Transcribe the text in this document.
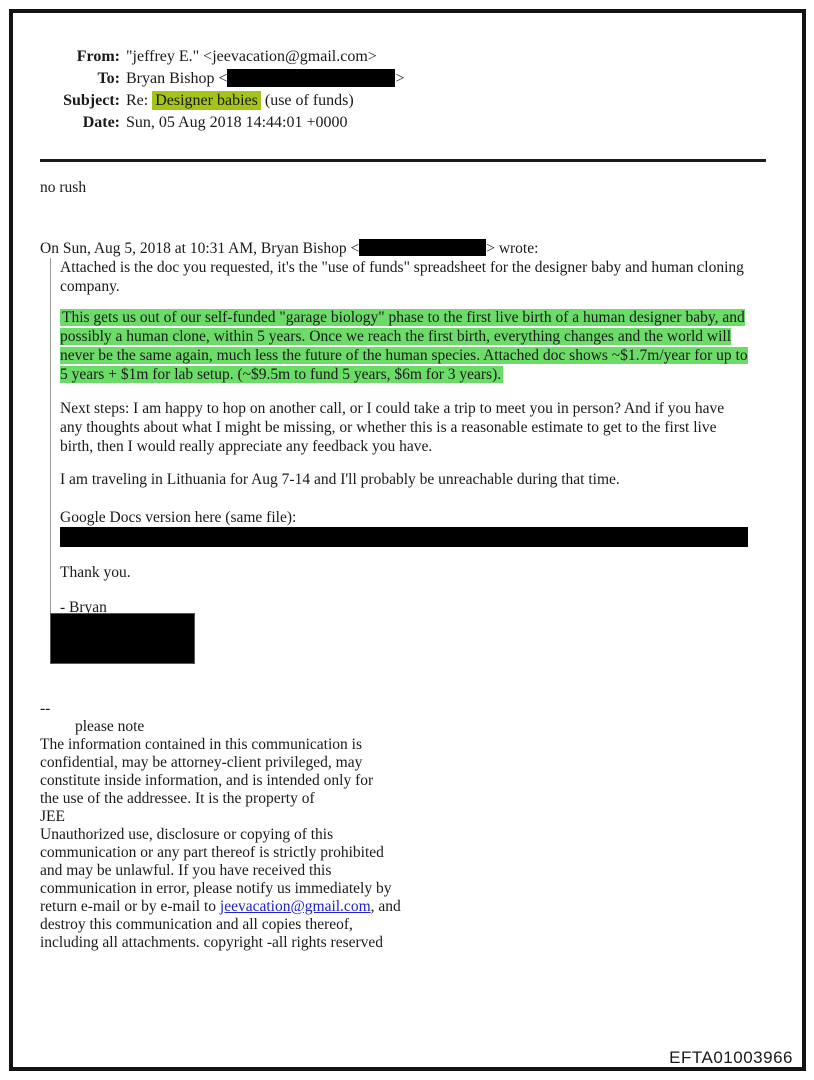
From: "jeffrey E." <jeevacation@gmail.com>
To: Bryan Bishop <	>
Subject: Re: Designer babies (use of funds)
Date: Sun, 05 Aug 2018 14:44:01 +0000
no rush
On Sun, Aug 5, 2018 at 10:31 AM, Bryan Bishop <	> wrote:
Attached is the doc you requested, it's the "use of funds" spreadsheet for the designer baby and human cloning
company.
This gets us out of our self-funded "garage biology" phase to the first live birth of a human designer baby, and
possibly a human clone, within 5 years. Once we reach the first birth, everything changes and the world will
never be the same again, much less the future of the human species. Attached doc shows ~$1.7m/year for up to
5 years + $1m for lab setup. (~$9.5m to fund 5 years, $6m for 3 years).
Next steps: I am happy to hop on another call, or I could take a trip to meet you in person? And if you have
any thoughts about what I might be missing, or whether this is a reasonable estimate to get to the first live
birth, then I would really appreciate any feedback you have.
I am traveling in Lithuania for Aug 7-14 and I'll probably be unreachable during that time.
Google Docs version here (same file):
Thank you.
- Bryan
--
please note
The information contained in this communication is
confidential, may be attorney-client privileged, may
constitute inside information, and is intended only for
the use of the addressee. It is the property of
JEE
Unauthorized use, disclosure or copying of this
communication or any part thereof is strictly prohibited
and may be unlawful. If you have received this
communication in error, please notify us immediately by
return e-mail or by e-mail to jeevacation@gmail.com, and
destroy this communication and all copies thereof,
including all attachments. copyright -all rights reserved
EFTA01003966
